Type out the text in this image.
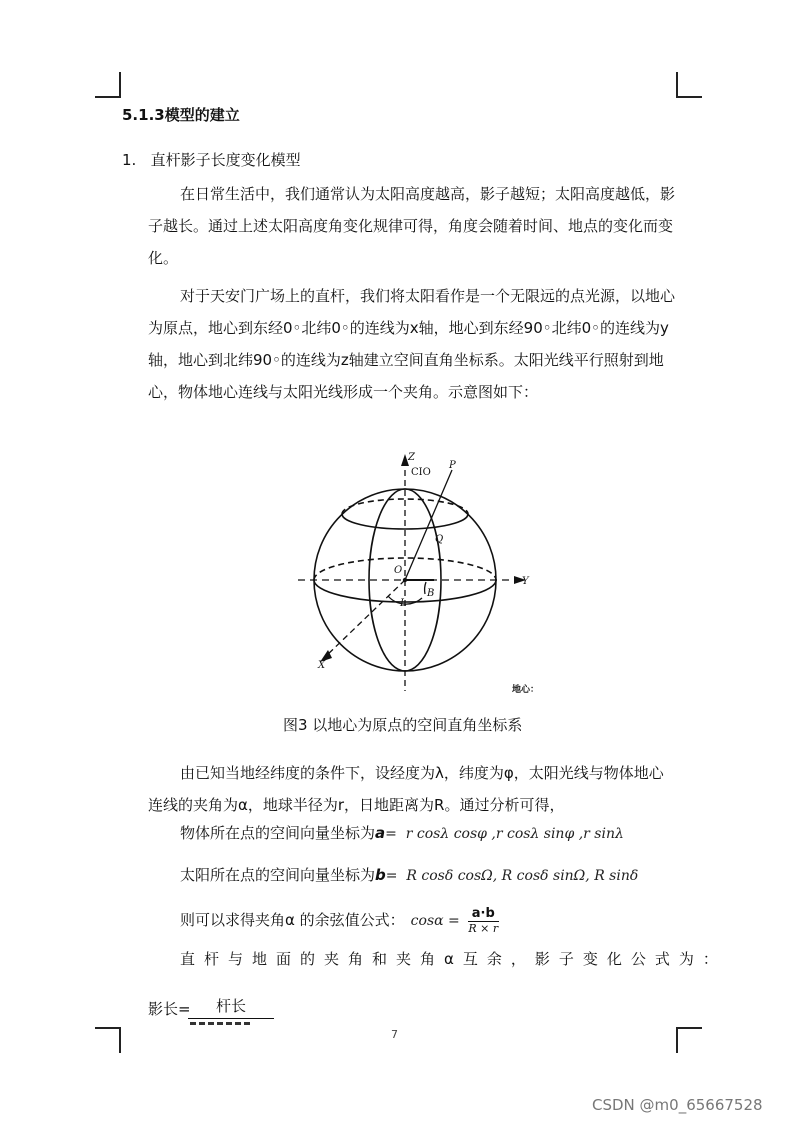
5.1.3模型的建立
1.   直杆影子长度变化模型
在日常生活中，我们通常认为太阳高度越高，影子越短；太阳高度越低，影子越长。通过上述太阳高度角变化规律可得，角度会随着时间、地点的变化而变化。
对于天安门广场上的直杆，我们将太阳看作是一个无限远的点光源，以地心为原点，地心到东经0◦北纬0◦的连线为x轴，地心到东经90◦北纬0◦的连线为y轴，地心到北纬90◦的连线为z轴建立空间直角坐标系。太阳光线平行照射到地心，物体地心连线与太阳光线形成一个夹角。示意图如下：
Z
CIO
P
Q
O
L
B
Y
X
地心：
图3 以地心为原点的空间直角坐标系
由已知当地经纬度的条件下，设经度为λ，纬度为φ，太阳光线与物体地心连线的夹角为α，地球半径为r，日地距离为R。通过分析可得，
物体所在点的空间向量坐标为a=  r cosλ cosφ ,r cosλ sinφ ,r sinλ
太阳所在点的空间向量坐标为b=  R cosδ cosΩ, R cosδ sinΩ, R sinδ
则可以求得夹角α 的余弦值公式： $\cos\alpha = \frac{a\cdot b}{R \times r}$
直杆与地面的夹角和夹角α互余，影子变化公式为：
影长=	杆长
7
CSDN @m0_65667528
